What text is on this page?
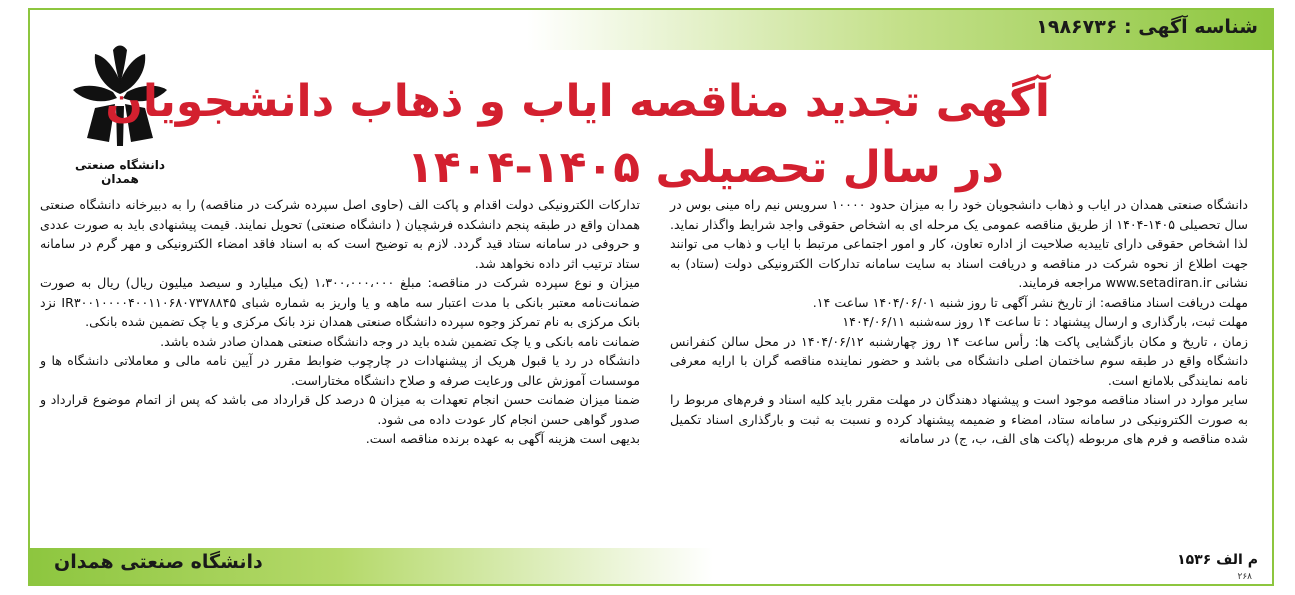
شناسه آگهی : ۱۹۸۶۷۳۶
دانشگاه صنعتی همدان
آگهی تجدید مناقصه ایاب و ذهاب دانشجویان
در سال تحصیلی ۱۴۰۵-۱۴۰۴

دانشگاه صنعتی همدان در ایاب و ذهاب دانشجویان خود را به میزان حدود ۱۰۰۰۰ سرویس نیم راه مینی بوس در سال تحصیلی ۱۴۰۵-۱۴۰۴ از طریق مناقصه عمومی یک مرحله ای به اشخاص حقوقی واجد شرایط واگذار نماید. لذا اشخاص حقوقی دارای تاییدیه صلاحیت از اداره تعاون، کار و امور اجتماعی مرتبط با ایاب و ذهاب می توانند جهت اطلاع از نحوه شرکت در مناقصه و دریافت اسناد به سایت سامانه تدارکات الکترونیکی دولت (ستاد) به نشانی www.setadiran.ir مراجعه فرمایند.

مهلت دریافت اسناد مناقصه: از تاریخ نشر آگهی تا روز شنبه ۱۴۰۴/۰۶/۰۱ ساعت ۱۴.

مهلت ثبت، بارگذاری و ارسال پیشنهاد : تا ساعت ۱۴ روز سه‌شنبه ۱۴۰۴/۰۶/۱۱

زمان ، تاریخ و مکان بازگشایی پاکت ها: رأس ساعت ۱۴ روز چهارشنبه ۱۴۰۴/۰۶/۱۲ در محل سالن کنفرانس دانشگاه واقع در طبقه سوم ساختمان اصلی دانشگاه می باشد و حضور نماینده مناقصه گران با ارایه معرفی نامه نمایندگی بلامانع است.

سایر موارد در اسناد مناقصه موجود است و پیشنهاد دهندگان در مهلت مقرر باید کلیه اسناد و فرم‌های مربوط را به صورت الکترونیکی در سامانه ستاد، امضاء و ضمیمه پیشنهاد کرده و نسبت به ثبت و بارگذاری اسناد تکمیل شده مناقصه و فرم های مربوطه (پاکت های الف، ب، ج) در سامانه

تدارکات الکترونیکی دولت اقدام و پاکت الف (حاوی اصل سپرده شرکت در مناقصه) را به دبیرخانه دانشگاه صنعتی همدان واقع در طبقه پنجم دانشکده فرشچیان ( دانشگاه صنعتی) تحویل نمایند. قیمت پیشنهادی باید به صورت عددی و حروفی در سامانه ستاد قید گردد. لازم به توضیح است که به اسناد فاقد امضاء الکترونیکی و مهر گرم در سامانه ستاد ترتیب اثر داده نخواهد شد.

میزان و نوع سپرده شرکت در مناقصه: مبلغ ۱،۳۰۰،۰۰۰،۰۰۰ (یک میلیارد و سیصد میلیون ریال) ریال به صورت ضمانت‌نامه معتبر بانکی با مدت اعتبار سه ماهه و یا واریز به شماره شبای IR۳۰۰۱۰۰۰۰۴۰۰۱۱۰۶۸۰۷۳۷۸۸۴۵ نزد بانک مرکزی به نام تمرکز وجوه سپرده دانشگاه صنعتی همدان نزد بانک مرکزی و یا چک تضمین شده بانکی.

ضمانت نامه بانکی و یا چک تضمین شده باید در وجه دانشگاه صنعتی همدان صادر شده باشد.

دانشگاه در رد یا قبول هریک از پیشنهادات در چارچوب ضوابط مقرر در آیین نامه مالی و معاملاتی دانشگاه ها و موسسات آموزش عالی ورعایت صرفه و صلاح دانشگاه مختاراست.

ضمنا میزان ضمانت حسن انجام تعهدات به میزان ۵ درصد کل قرارداد می باشد که پس از اتمام موضوع قرارداد و صدور گواهی حسن انجام کار عودت داده می شود.

بدیهی است هزینه آگهی به عهده برنده مناقصه است.

م الف ۱۵۳۶
۲۶۸
دانشگاه صنعتی همدان
